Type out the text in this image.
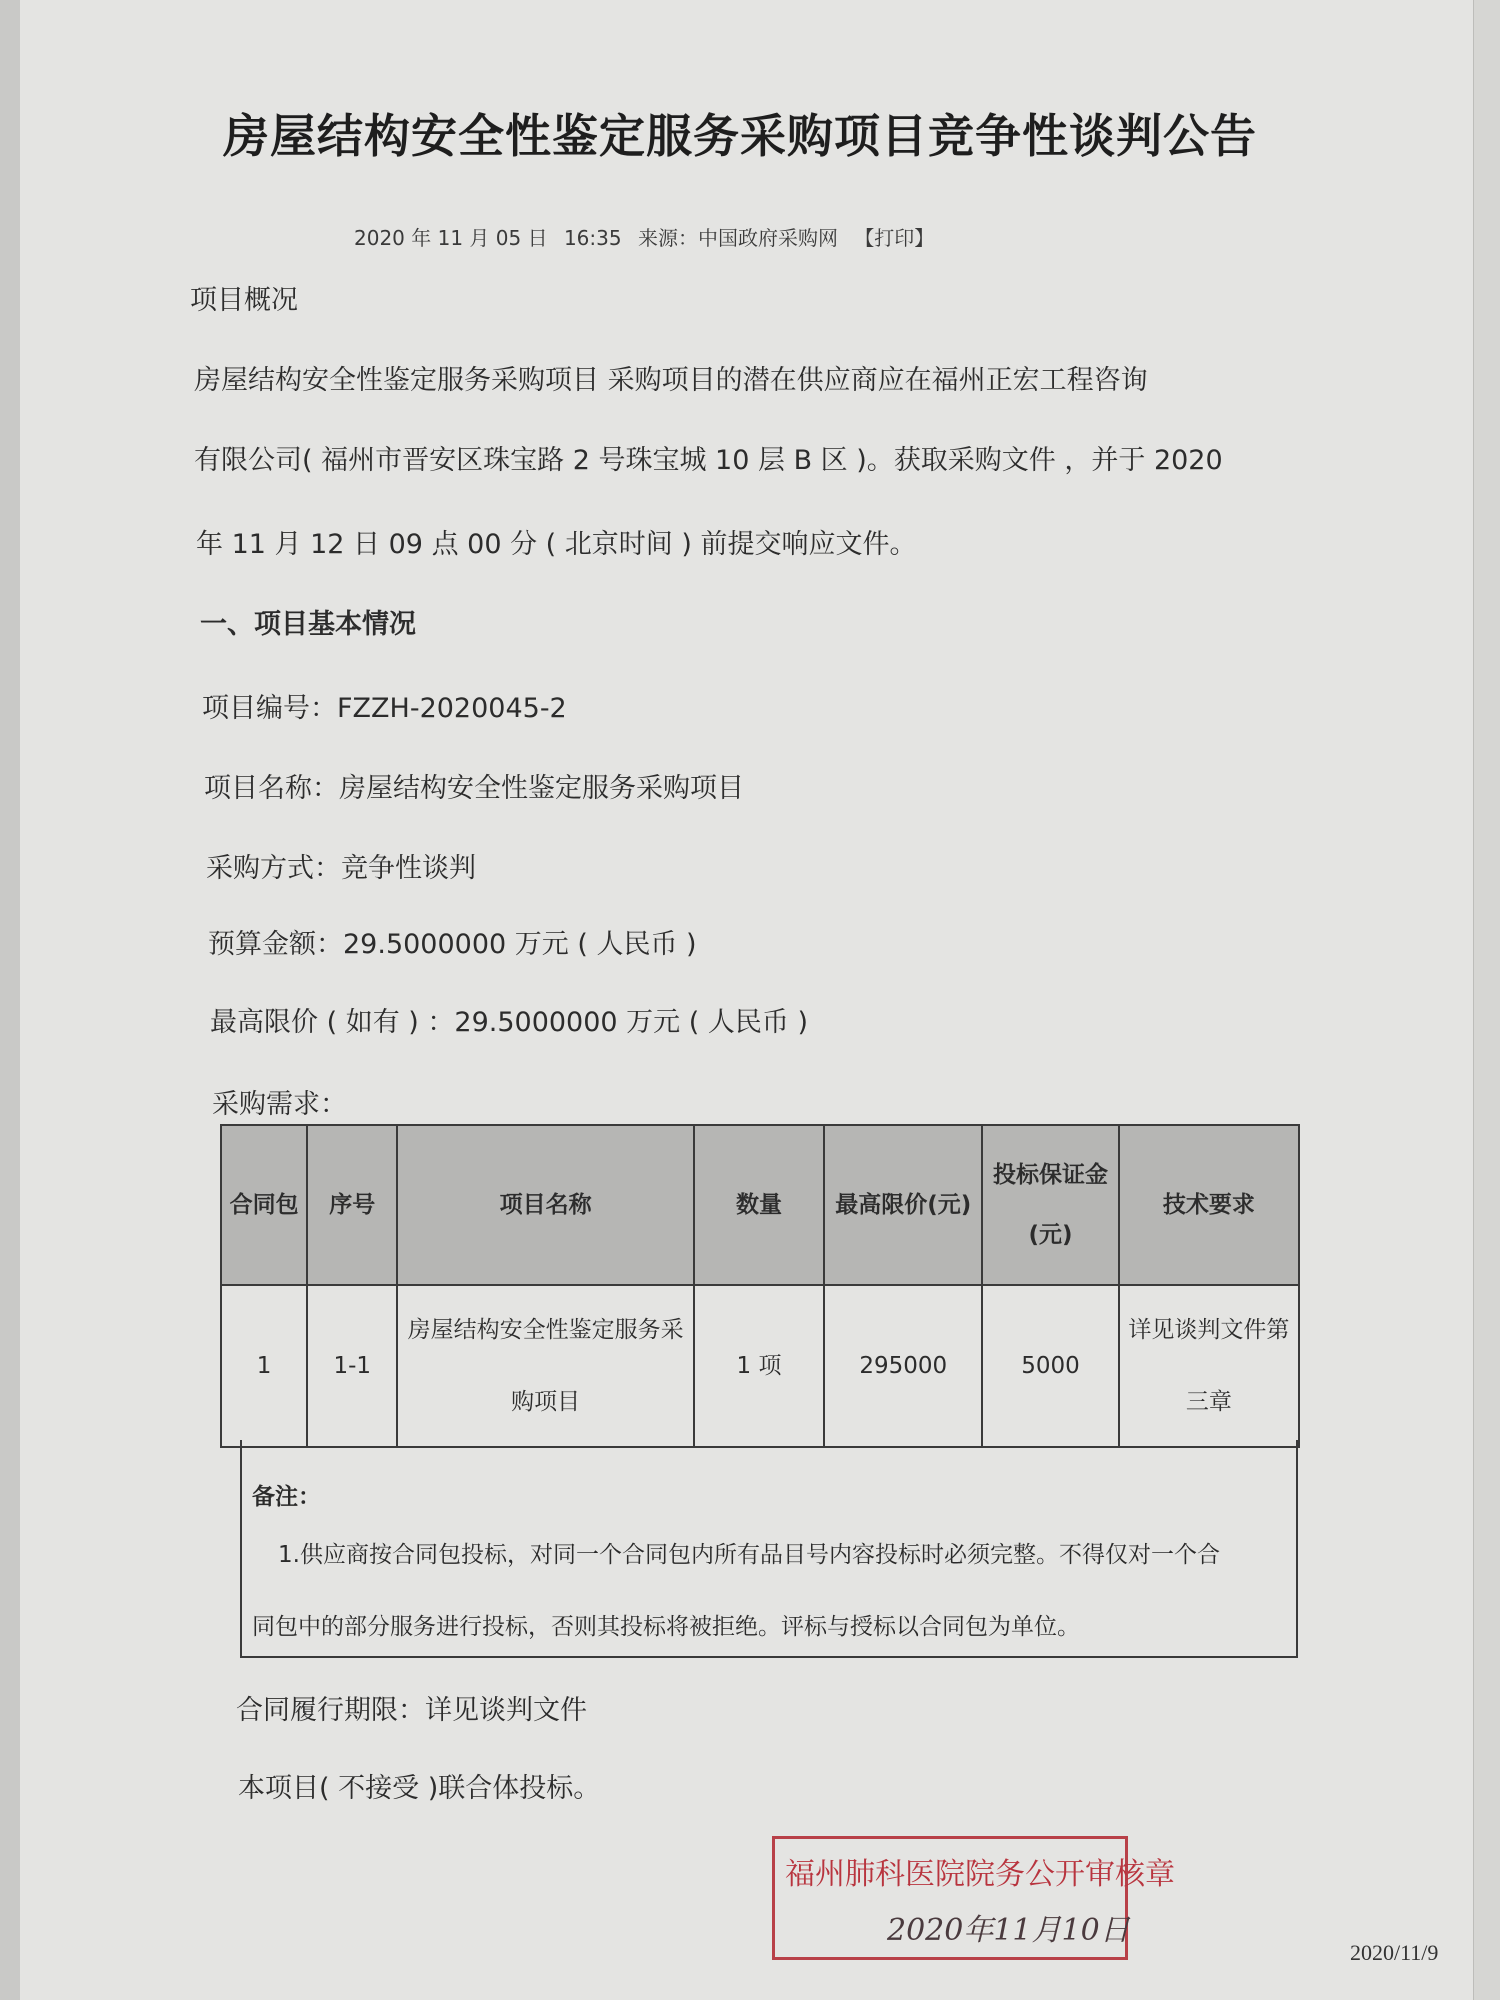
房屋结构安全性鉴定服务采购项目竞争性谈判公告
2020 年 11 月 05 日 16:35 来源：中国政府采购网 【打印】
项目概况
房屋结构安全性鉴定服务采购项目 采购项目的潜在供应商应在福州正宏工程咨询
有限公司( 福州市晋安区珠宝路 2 号珠宝城 10 层 B 区 )。获取采购文件 ，并于 2020
年 11 月 12 日 09 点 00 分 ( 北京时间 ) 前提交响应文件。
一、项目基本情况
项目编号：FZZH-2020045-2
项目名称：房屋结构安全性鉴定服务采购项目
采购方式：竞争性谈判
预算金额：29.5000000 万元 ( 人民币 )
最高限价 ( 如有 ) ：29.5000000 万元 ( 人民币 )
采购需求：
合同包	序号	项目名称	数量	最高限价(元)	投标保证金(元)	技术要求
1	1-1	房屋结构安全性鉴定服务采购项目	1 项	295000	5000	详见谈判文件第三章
备注：
1.供应商按合同包投标，对同一个合同包内所有品目号内容投标时必须完整。不得仅对一个合
同包中的部分服务进行投标，否则其投标将被拒绝。评标与授标以合同包为单位。
合同履行期限：详见谈判文件
本项目( 不接受 )联合体投标。
福州肺科医院院务公开审核章
2020年11月10日
2020/11/9
